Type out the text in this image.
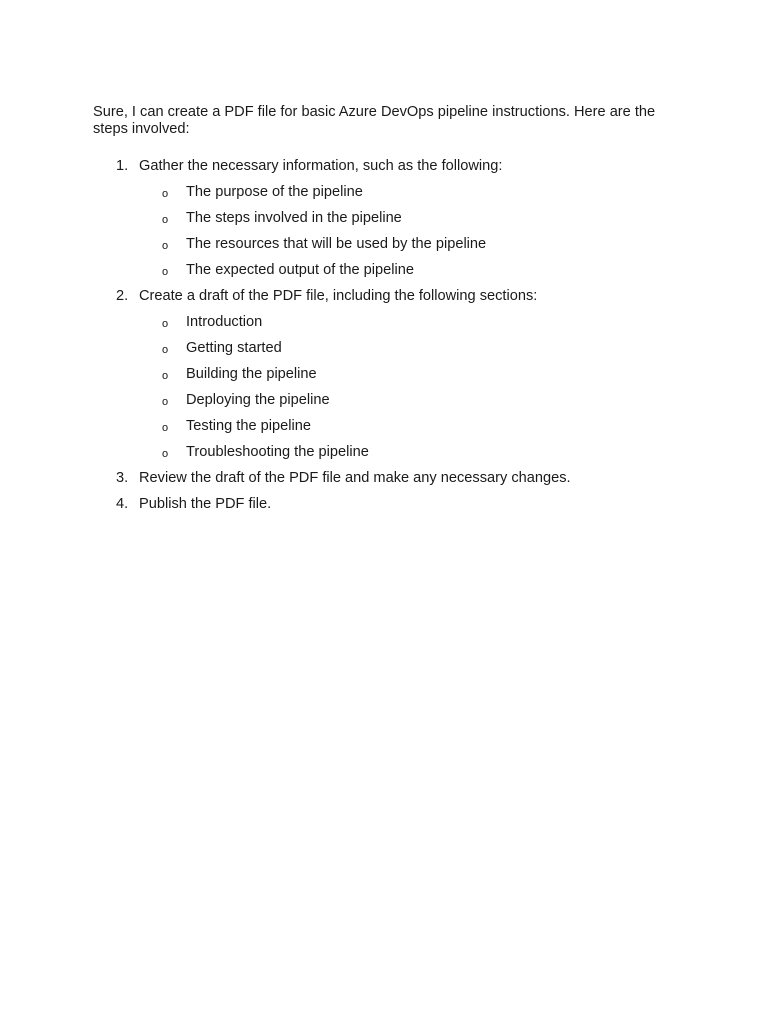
Sure, I can create a PDF file for basic Azure DevOps pipeline instructions. Here are the steps involved:

1. Gather the necessary information, such as the following:
o The purpose of the pipeline
o The steps involved in the pipeline
o The resources that will be used by the pipeline
o The expected output of the pipeline
2. Create a draft of the PDF file, including the following sections:
o Introduction
o Getting started
o Building the pipeline
o Deploying the pipeline
o Testing the pipeline
o Troubleshooting the pipeline
3. Review the draft of the PDF file and make any necessary changes.
4. Publish the PDF file.
